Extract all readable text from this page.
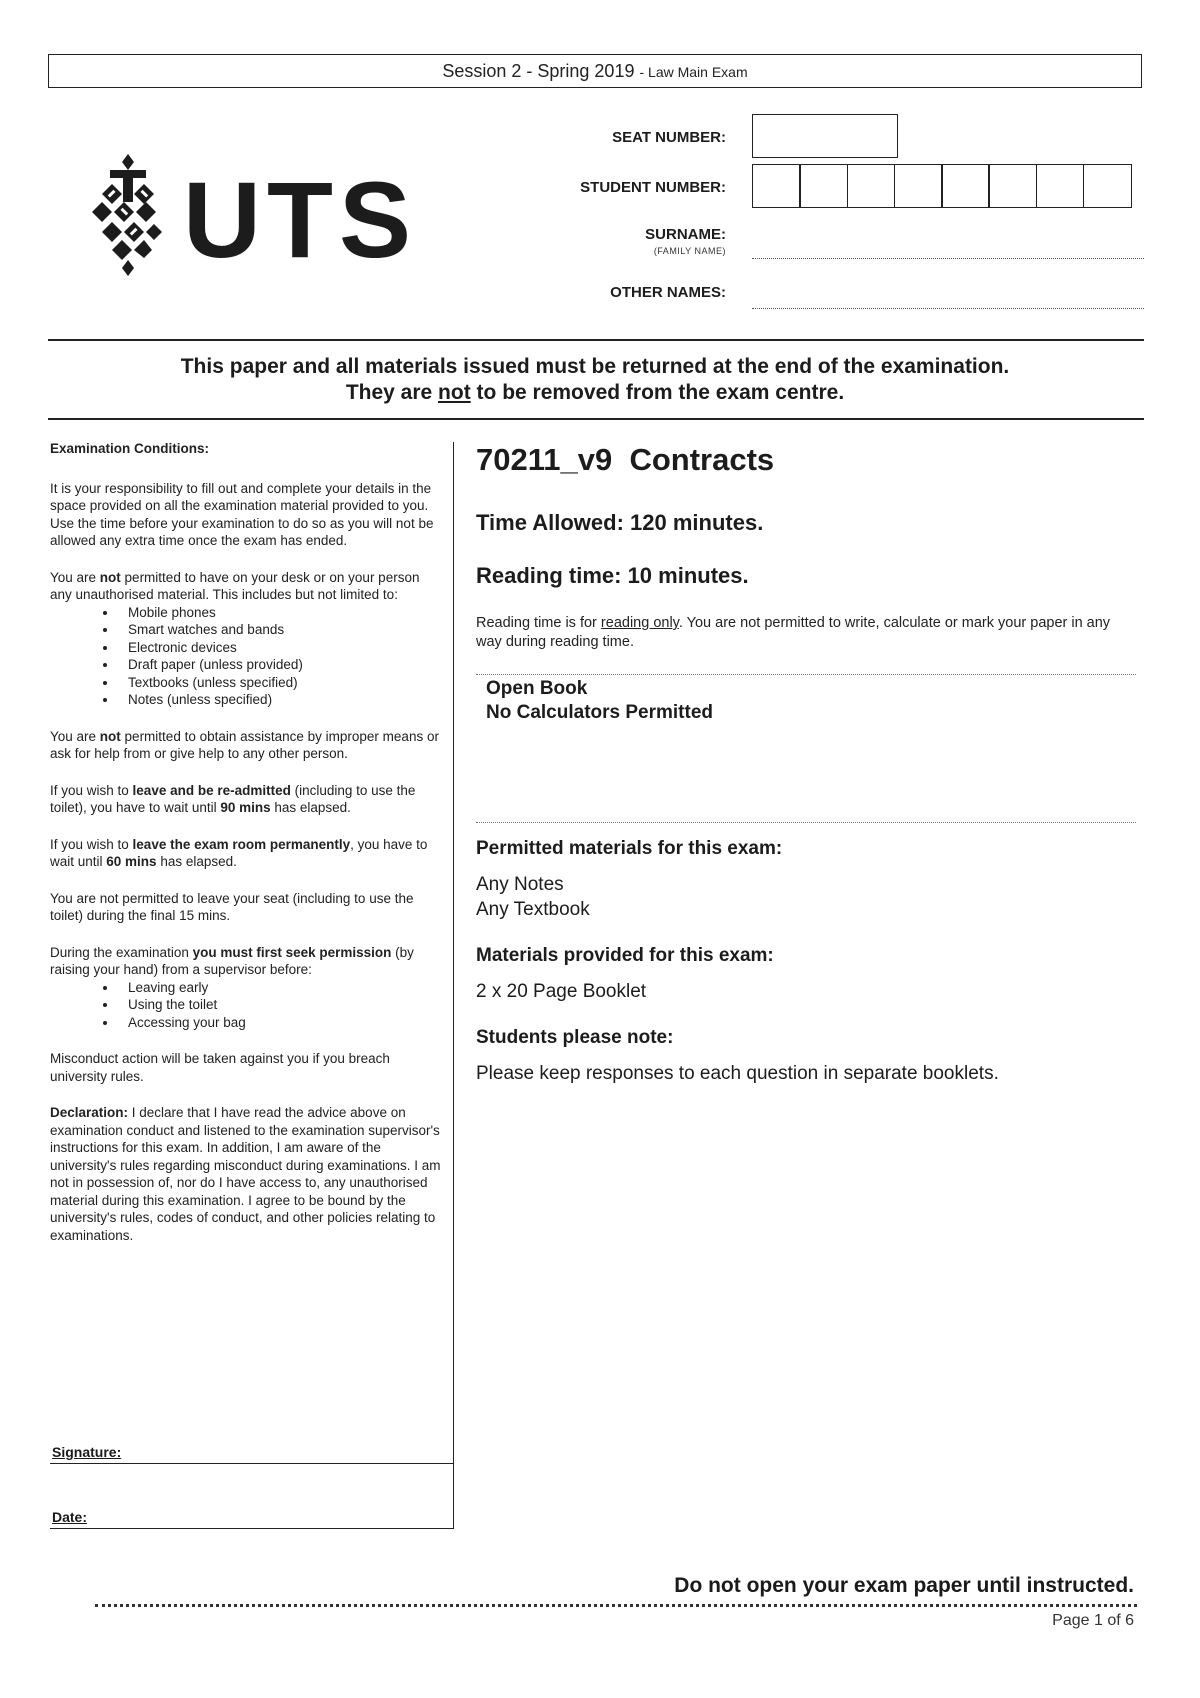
Session 2 - Spring 2019 - Law Main Exam
UTS
SEAT NUMBER:
STUDENT NUMBER:
SURNAME:
(FAMILY NAME)
OTHER NAMES:
This paper and all materials issued must be returned at the end of the examination.
They are not to be removed from the exam centre.
Examination Conditions:

It is your responsibility to fill out and complete your details in the space provided on all the examination material provided to you. Use the time before your examination to do so as you will not be allowed any extra time once the exam has ended.

You are not permitted to have on your desk or on your person any unauthorised material. This includes but not limited to:

• Mobile phones
• Smart watches and bands
• Electronic devices
• Draft paper (unless provided)
• Textbooks (unless specified)
• Notes (unless specified)

You are not permitted to obtain assistance by improper means or ask for help from or give help to any other person.

If you wish to leave and be re-admitted (including to use the toilet), you have to wait until 90 mins has elapsed.

If you wish to leave the exam room permanently, you have to wait until 60 mins has elapsed.

You are not permitted to leave your seat (including to use the toilet) during the final 15 mins.

During the examination you must first seek permission (by raising your hand) from a supervisor before:

• Leaving early
• Using the toilet
• Accessing your bag

Misconduct action will be taken against you if you breach university rules.

Declaration: I declare that I have read the advice above on examination conduct and listened to the examination supervisor's instructions for this exam. In addition, I am aware of the university's rules regarding misconduct during examinations. I am not in possession of, nor do I have access to, any unauthorised material during this examination. I agree to be bound by the university's rules, codes of conduct, and other policies relating to examinations.

Signature:
Date:
70211_v9  Contracts
Time Allowed: 120 minutes.
Reading time: 10 minutes.
Reading time is for reading only. You are not permitted to write, calculate or mark your paper in any way during reading time.
Open Book
No Calculators Permitted
Permitted materials for this exam:
Any Notes
Any Textbook
Materials provided for this exam:
2 x 20 Page Booklet
Students please note:
Please keep responses to each question in separate booklets.
Do not open your exam paper until instructed.
Page 1 of 6
